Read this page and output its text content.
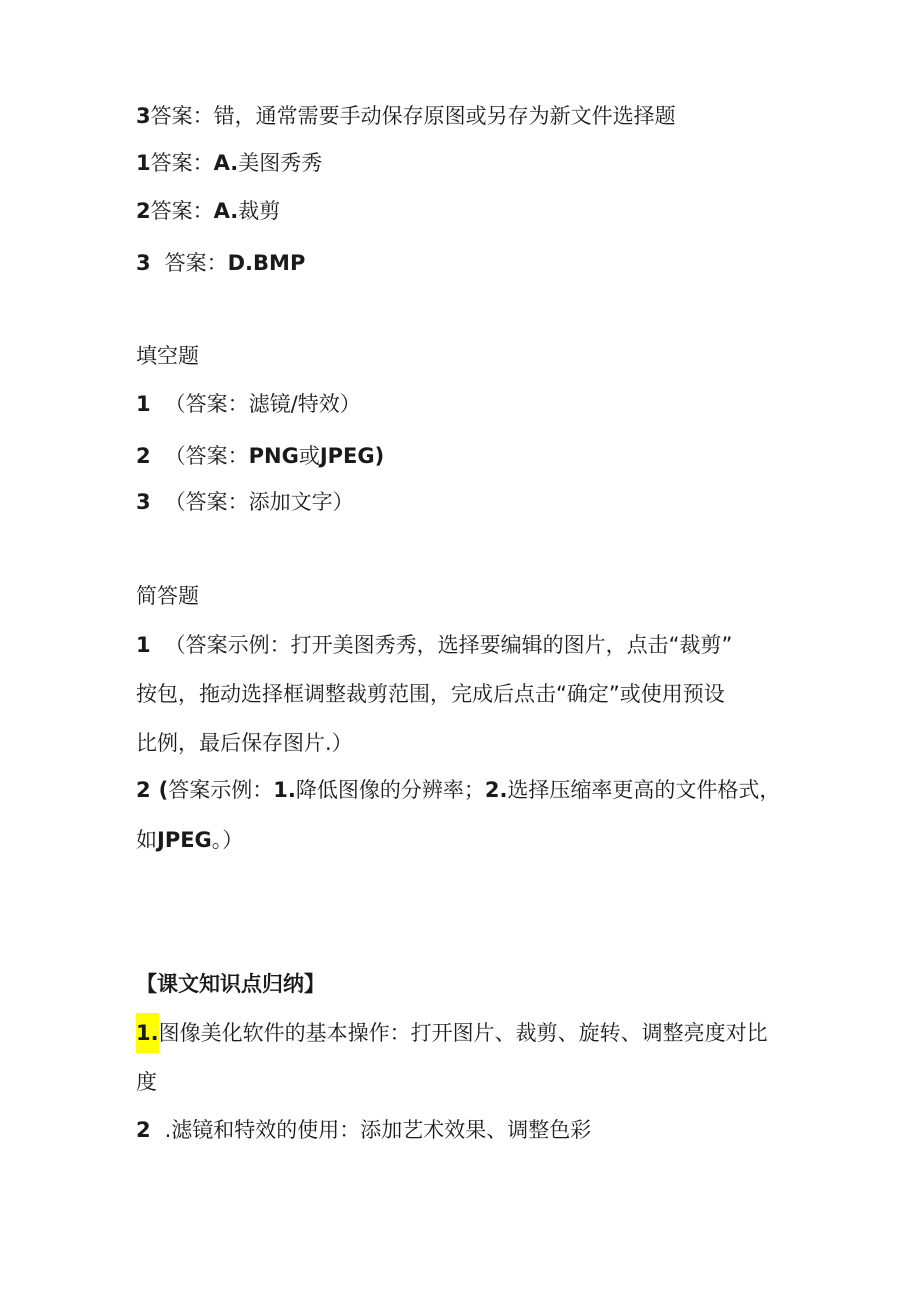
3答案：错，通常需要手动保存原图或另存为新文件选择题
1答案：A.美图秀秀
2答案：A.裁剪
3 答案：D.BMP
填空题
1 （答案：滤镜/特效）
2 （答案：PNG或JPEG)
3 （答案：添加文字）
简答题
1 （答案示例：打开美图秀秀，选择要编辑的图片，点击“裁剪”
按包，拖动选择框调整裁剪范围，完成后点击“确定”或使用预设
比例，最后保存图片.）
2 (答案示例：1.降低图像的分辨率；2.选择压缩率更高的文件格式，
如JPEG。）
【课文知识点归纳】
1.图像美化软件的基本操作：打开图片、裁剪、旋转、调整亮度对比
度
2 .滤镜和特效的使用：添加艺术效果、调整色彩
